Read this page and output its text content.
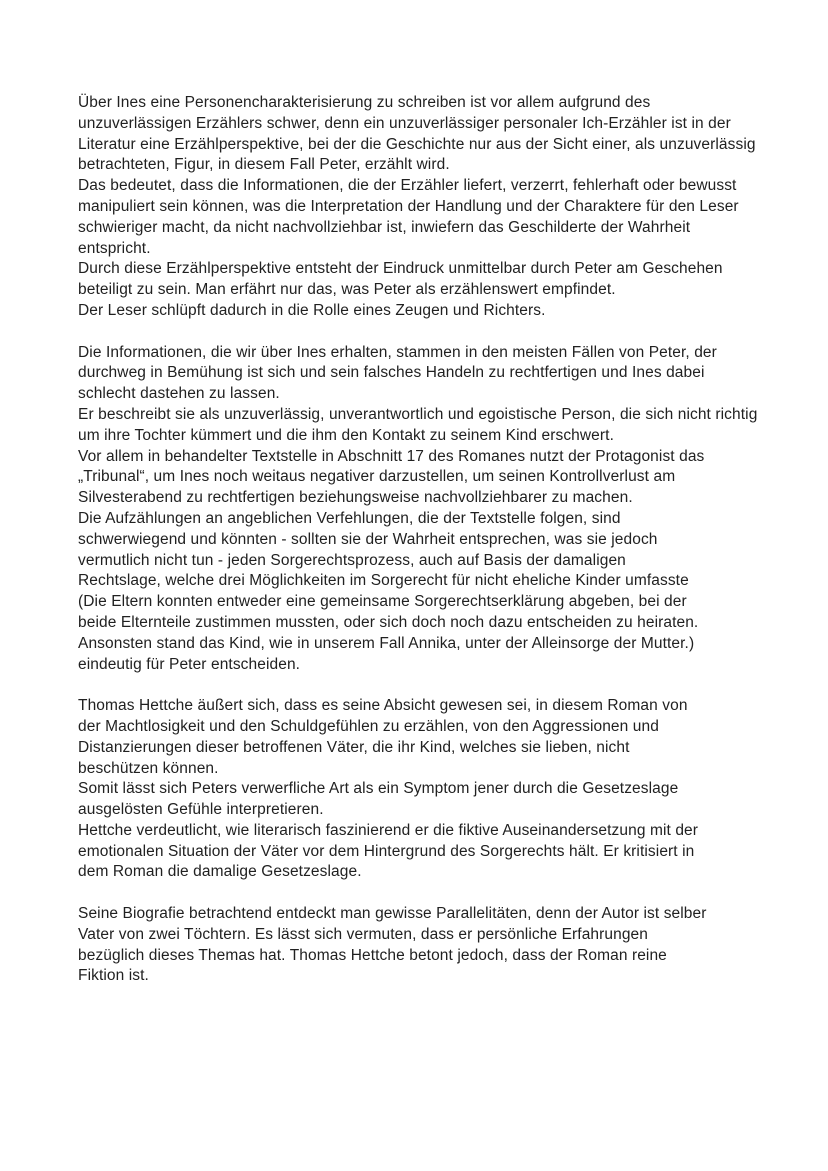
Über Ines eine Personencharakterisierung zu schreiben ist vor allem aufgrund des
unzuverlässigen Erzählers schwer, denn ein unzuverlässiger personaler Ich-Erzähler ist in der
Literatur eine Erzählperspektive, bei der die Geschichte nur aus der Sicht einer, als unzuverlässig
betrachteten, Figur, in diesem Fall Peter, erzählt wird.
Das bedeutet, dass die Informationen, die der Erzähler liefert, verzerrt, fehlerhaft oder bewusst
manipuliert sein können, was die Interpretation der Handlung und der Charaktere für den Leser
schwieriger macht, da nicht nachvollziehbar ist, inwiefern das Geschilderte der Wahrheit
entspricht.
Durch diese Erzählperspektive entsteht der Eindruck unmittelbar durch Peter am Geschehen
beteiligt zu sein. Man erfährt nur das, was Peter als erzählenswert empfindet.
Der Leser schlüpft dadurch in die Rolle eines Zeugen und Richters.
Die Informationen, die wir über Ines erhalten, stammen in den meisten Fällen von Peter, der
durchweg in Bemühung ist sich und sein falsches Handeln zu rechtfertigen und Ines dabei
schlecht dastehen zu lassen.
Er beschreibt sie als unzuverlässig, unverantwortlich und egoistische Person, die sich nicht richtig
um ihre Tochter kümmert und die ihm den Kontakt zu seinem Kind erschwert.
Vor allem in behandelter Textstelle in Abschnitt 17 des Romanes nutzt der Protagonist das
„Tribunal“, um Ines noch weitaus negativer darzustellen, um seinen Kontrollverlust am
Silvesterabend zu rechtfertigen beziehungsweise nachvollziehbarer zu machen.
Die Aufzählungen an angeblichen Verfehlungen, die der Textstelle folgen, sind
schwerwiegend und könnten - sollten sie der Wahrheit entsprechen, was sie jedoch
vermutlich nicht tun - jeden Sorgerechtsprozess, auch auf Basis der damaligen
Rechtslage, welche drei Möglichkeiten im Sorgerecht für nicht eheliche Kinder umfasste
(Die Eltern konnten entweder eine gemeinsame Sorgerechtserklärung abgeben, bei der
beide Elternteile zustimmen mussten, oder sich doch noch dazu entscheiden zu heiraten.
Ansonsten stand das Kind, wie in unserem Fall Annika, unter der Alleinsorge der Mutter.)
eindeutig für Peter entscheiden.
Thomas Hettche äußert sich, dass es seine Absicht gewesen sei, in diesem Roman von
der Machtlosigkeit und den Schuldgefühlen zu erzählen, von den Aggressionen und
Distanzierungen dieser betroffenen Väter, die ihr Kind, welches sie lieben, nicht
beschützen können.
Somit lässt sich Peters verwerfliche Art als ein Symptom jener durch die Gesetzeslage
ausgelösten Gefühle interpretieren.
Hettche verdeutlicht, wie literarisch faszinierend er die fiktive Auseinandersetzung mit der
emotionalen Situation der Väter vor dem Hintergrund des Sorgerechts hält. Er kritisiert in
dem Roman die damalige Gesetzeslage.
Seine Biografie betrachtend entdeckt man gewisse Parallelitäten, denn der Autor ist selber
Vater von zwei Töchtern. Es lässt sich vermuten, dass er persönliche Erfahrungen
bezüglich dieses Themas hat. Thomas Hettche betont jedoch, dass der Roman reine
Fiktion ist.
